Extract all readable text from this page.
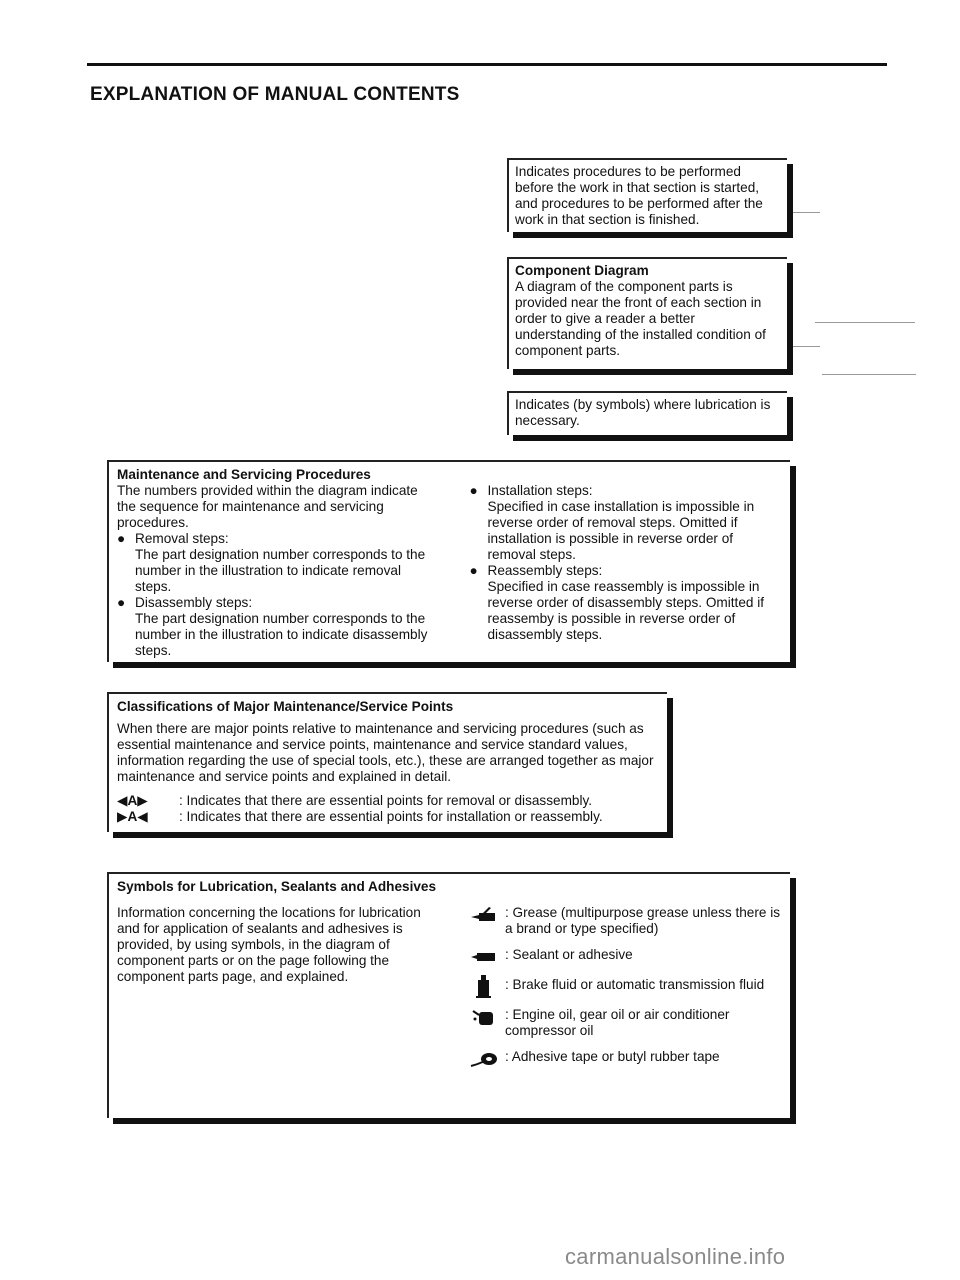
EXPLANATION OF MANUAL CONTENTS

Indicates procedures to be performed before the work in that section is started, and procedures to be performed after the work in that section is finished.

Component Diagram

A diagram of the component parts is provided near the front of each section in order to give a reader a better understanding of the installed condition of component parts.

Indicates (by symbols) where lubrication is necessary.

Maintenance and Servicing Procedures

The numbers provided within the diagram indicate the sequence for maintenance and servicing procedures.

● Removal steps:

The part designation number corresponds to the number in the illustration to indicate removal steps.

● Disassembly steps:

The part designation number corresponds to the number in the illustration to indicate disassembly steps.

● Installation steps:

Specified in case installation is impossible in reverse order of removal steps. Omitted if installation is possible in reverse order of removal steps.

● Reassembly steps:

Specified in case reassembly is impossible in reverse order of disassembly steps. Omitted if reassemby is possible in reverse order of disassembly steps.

Classifications of Major Maintenance/Service Points

When there are major points relative to maintenance and servicing procedures (such as essential maintenance and service points, maintenance and service standard values, information regarding the use of special tools, etc.), these are arranged together as major maintenance and service points and explained in detail.

◀A▶	: Indicates that there are essential points for removal or disassembly.
▶A◀	: Indicates that there are essential points for installation or reassembly.

Symbols for Lubrication, Sealants and Adhesives

Information concerning the locations for lubrication and for application of sealants and adhesives is provided, by using symbols, in the diagram of component parts or on the page following the component parts page, and explained.

: Grease (multipurpose grease unless there is a brand or type specified)
: Sealant or adhesive
: Brake fluid or automatic transmission fluid
: Engine oil, gear oil or air conditioner compressor oil
: Adhesive tape or butyl rubber tape
carmanualsonline.info
